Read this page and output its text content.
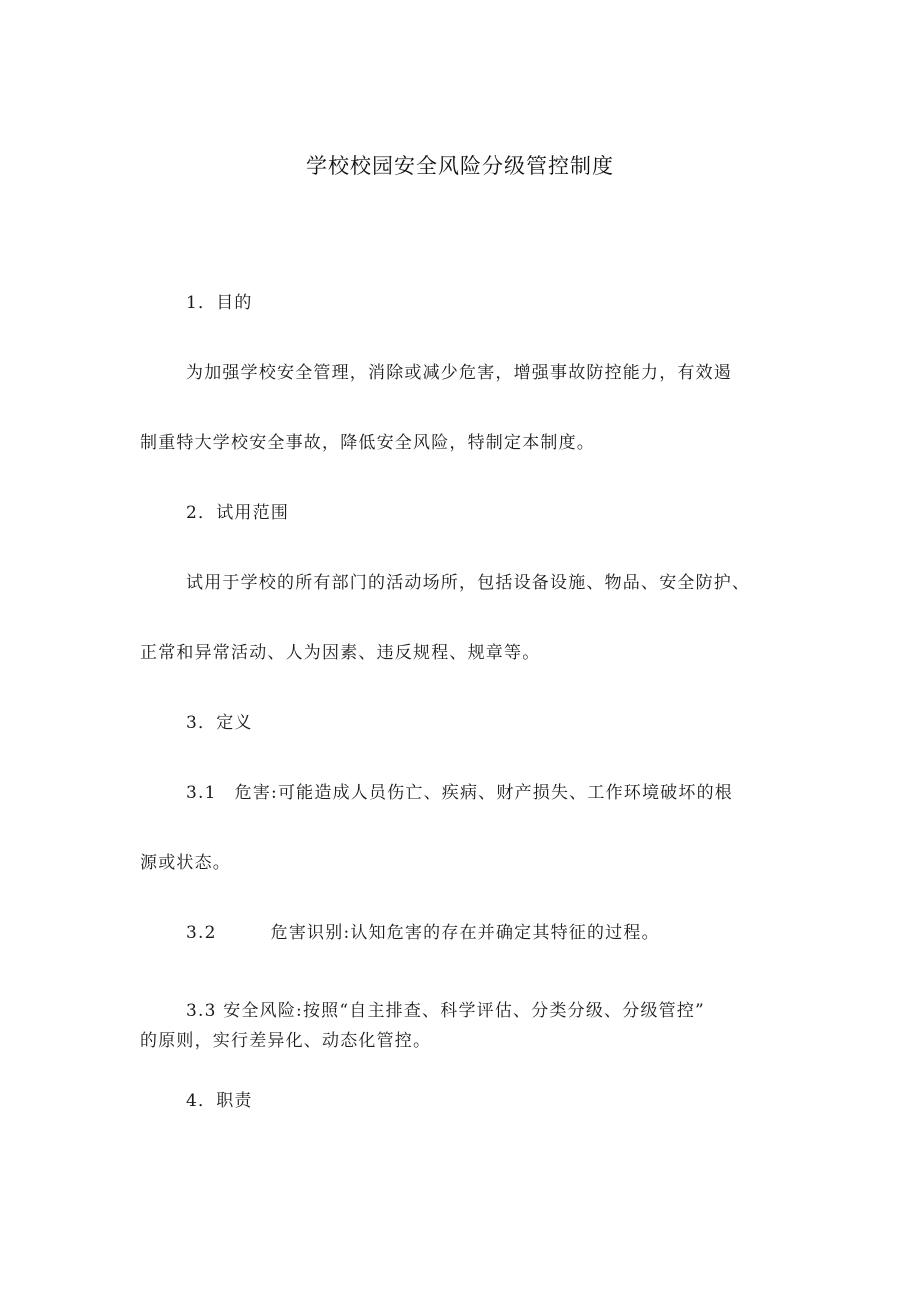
学校校园安全风险分级管控制度
1．目的
为加强学校安全管理，消除或减少危害，增强事故防控能力，有效遏
制重特大学校安全事故，降低安全风险，特制定本制度。
2．试用范围
试用于学校的所有部门的活动场所，包括设备设施、物品、安全防护、
正常和异常活动、人为因素、违反规程、规章等。
3．定义
3.1 危害:可能造成人员伤亡、疾病、财产损失、工作环境破坏的根
源或状态。
3.2	危害识别:认知危害的存在并确定其特征的过程。
3.3 安全风险:按照“自主排查、科学评估、分类分级、分级管控”
的原则，实行差异化、动态化管控。
4．职责
